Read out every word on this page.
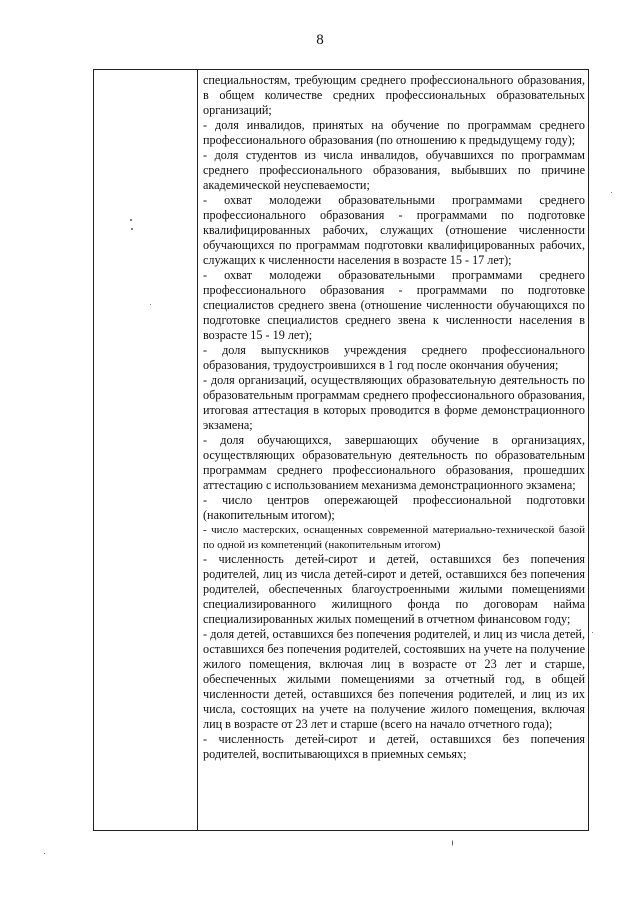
8

специальностям, требующим среднего профессионального образования, в общем количестве средних профессиональных образовательных организаций;

- доля инвалидов, принятых на обучение по программам среднего профессионального образования (по отношению к предыдущему году);

- доля студентов из числа инвалидов, обучавшихся по программам среднего профессионального образования, выбывших по причине академической неуспеваемости;

- охват молодежи образовательными программами среднего профессионального образования - программами по подготовке квалифицированных рабочих, служащих (отношение численности обучающихся по программам подготовки квалифицированных рабочих, служащих к численности населения в возрасте 15 - 17 лет);

- охват молодежи образовательными программами среднего профессионального образования - программами по подготовке специалистов среднего звена (отношение численности обучающихся по подготовке специалистов среднего звена к численности населения в возрасте 15 - 19 лет);

- доля выпускников учреждения среднего профессионального образования, трудоустроившихся в 1 год после окончания обучения;

- доля организаций, осуществляющих образовательную деятельность по образовательным программам среднего профессионального образования, итоговая аттестация в которых проводится в форме демонстрационного экзамена;

- доля обучающихся, завершающих обучение в организациях, осуществляющих образовательную деятельность по образовательным программам среднего профессионального образования, прошедших аттестацию с использованием механизма демонстрационного экзамена;

- число центров опережающей профессиональной подготовки (накопительным итогом);

- число мастерских, оснащенных современной материально-технической базой по одной из компетенций (накопительным итогом)

- численность детей-сирот и детей, оставшихся без попечения родителей, лиц из числа детей-сирот и детей, оставшихся без попечения родителей, обеспеченных благоустроенными жилыми помещениями специализированного жилищного фонда по договорам найма специализированных жилых помещений в отчетном финансовом году;

- доля детей, оставшихся без попечения родителей, и лиц из числа детей, оставшихся без попечения родителей, состоявших на учете на получение жилого помещения, включая лиц в возрасте от 23 лет и старше, обеспеченных жилыми помещениями за отчетный год, в общей численности детей, оставшихся без попечения родителей, и лиц из их числа, состоящих на учете на получение жилого помещения, включая лиц в возрасте от 23 лет и старше (всего на начало отчетного года);

- численность детей-сирот и детей, оставшихся без попечения родителей, воспитывающихся в приемных семьях;
